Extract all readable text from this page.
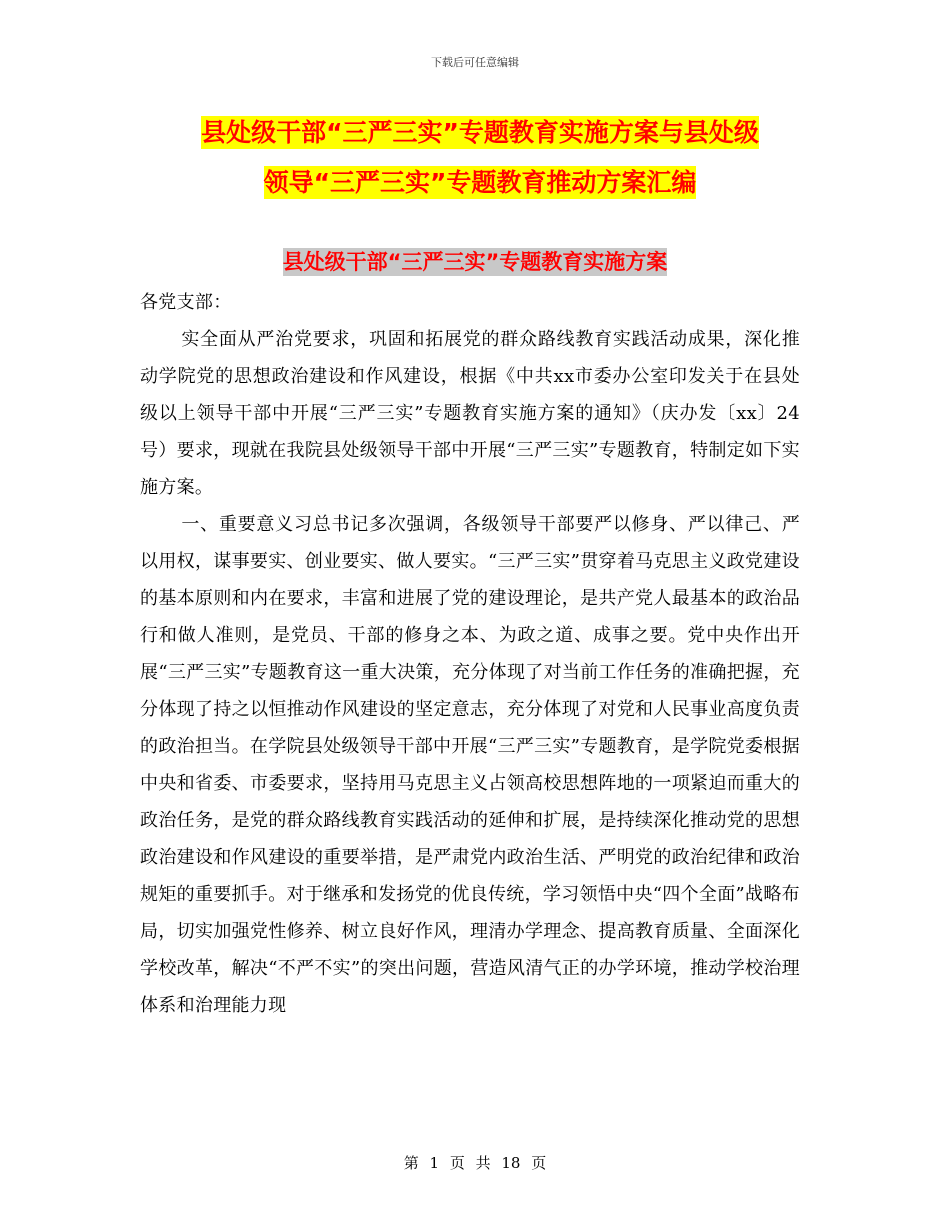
下载后可任意编辑
县处级干部“三严三实”专题教育实施方案与县处级
领导“三严三实”专题教育推动方案汇编
县处级干部“三严三实”专题教育实施方案

各党支部：

实全面从严治党要求，巩固和拓展党的群众路线教育实践活动成果，深化推动学院党的思想政治建设和作风建设，根据《中共xx市委办公室印发关于在县处级以上领导干部中开展“三严三实”专题教育实施方案的通知》（庆办发〔xx〕24号）要求，现就在我院县处级领导干部中开展“三严三实”专题教育，特制定如下实施方案。

一、重要意义习总书记多次强调，各级领导干部要严以修身、严以律己、严以用权，谋事要实、创业要实、做人要实。“三严三实”贯穿着马克思主义政党建设的基本原则和内在要求，丰富和进展了党的建设理论，是共产党人最基本的政治品行和做人准则，是党员、干部的修身之本、为政之道、成事之要。党中央作出开展“三严三实”专题教育这一重大决策，充分体现了对当前工作任务的准确把握，充分体现了持之以恒推动作风建设的坚定意志，充分体现了对党和人民事业高度负责的政治担当。在学院县处级领导干部中开展“三严三实”专题教育，是学院党委根据中央和省委、市委要求，坚持用马克思主义占领高校思想阵地的一项紧迫而重大的政治任务，是党的群众路线教育实践活动的延伸和扩展，是持续深化推动党的思想政治建设和作风建设的重要举措，是严肃党内政治生活、严明党的政治纪律和政治规矩的重要抓手。对于继承和发扬党的优良传统，学习领悟中央“四个全面”战略布局，切实加强党性修养、树立良好作风，理清办学理念、提高教育质量、全面深化学校改革，解决“不严不实”的突出问题，营造风清气正的办学环境，推动学校治理体系和治理能力现

第 1 页 共 18 页
